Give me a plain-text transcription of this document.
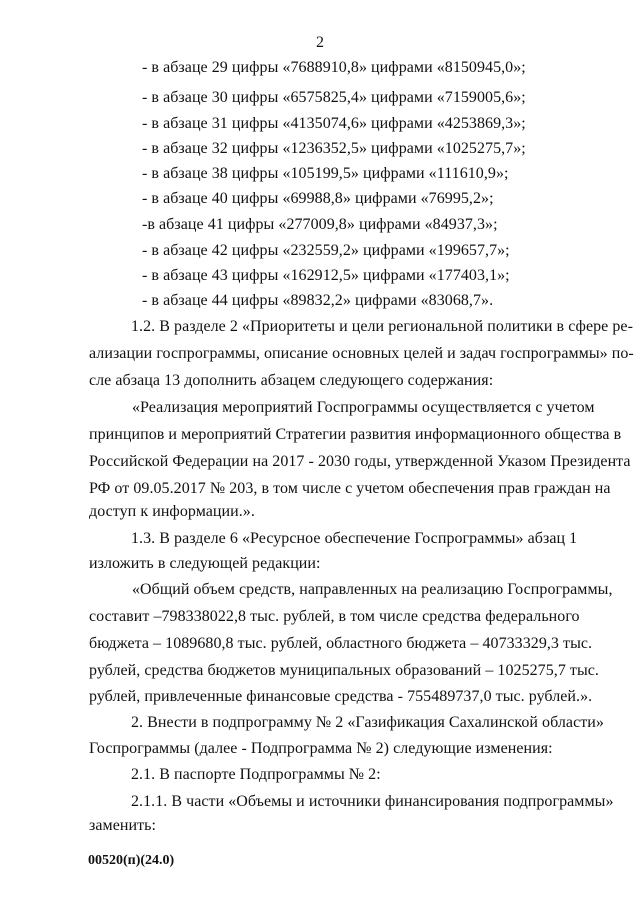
2
- в абзаце 29 цифры «7688910,8» цифрами «8150945,0»;
- в абзаце 30 цифры «6575825,4» цифрами «7159005,6»;
- в абзаце 31 цифры «4135074,6» цифрами «4253869,3»;
- в абзаце 32 цифры «1236352,5» цифрами «1025275,7»;
- в абзаце 38 цифры «105199,5» цифрами «111610,9»;
- в абзаце 40 цифры «69988,8» цифрами «76995,2»;
-в абзаце 41 цифры «277009,8» цифрами «84937,3»;
- в абзаце 42 цифры «232559,2» цифрами «199657,7»;
- в абзаце 43 цифры «162912,5» цифрами «177403,1»;
- в абзаце 44 цифры «89832,2» цифрами «83068,7».
1.2. В разделе 2 «Приоритеты и цели региональной политики в сфере ре-
ализации госпрограммы, описание основных целей и задач госпрограммы» по-
сле абзаца 13 дополнить абзацем следующего содержания:
«Реализация мероприятий Госпрограммы осуществляется с учетом
принципов и мероприятий Стратегии развития информационного общества в
Российской Федерации на 2017 - 2030 годы, утвержденной Указом Президента
РФ от 09.05.2017 № 203, в том числе с учетом обеспечения прав граждан на
доступ к информации.».
1.3. В разделе 6 «Ресурсное обеспечение Госпрограммы» абзац 1
изложить в следующей редакции:
«Общий объем средств, направленных на реализацию Госпрограммы,
составит –798338022,8 тыс. рублей, в том числе средства федерального
бюджета – 1089680,8 тыс. рублей, областного бюджета – 40733329,3 тыс.
рублей, средства бюджетов муниципальных образований – 1025275,7 тыс.
рублей, привлеченные финансовые средства - 755489737,0 тыс. рублей.».
2. Внести в подпрограмму № 2 «Газификация Сахалинской области»
Госпрограммы (далее - Подпрограмма № 2) следующие изменения:
2.1. В паспорте Подпрограммы № 2:
2.1.1. В части «Объемы и источники финансирования подпрограммы»
заменить:
00520(п)(24.0)
